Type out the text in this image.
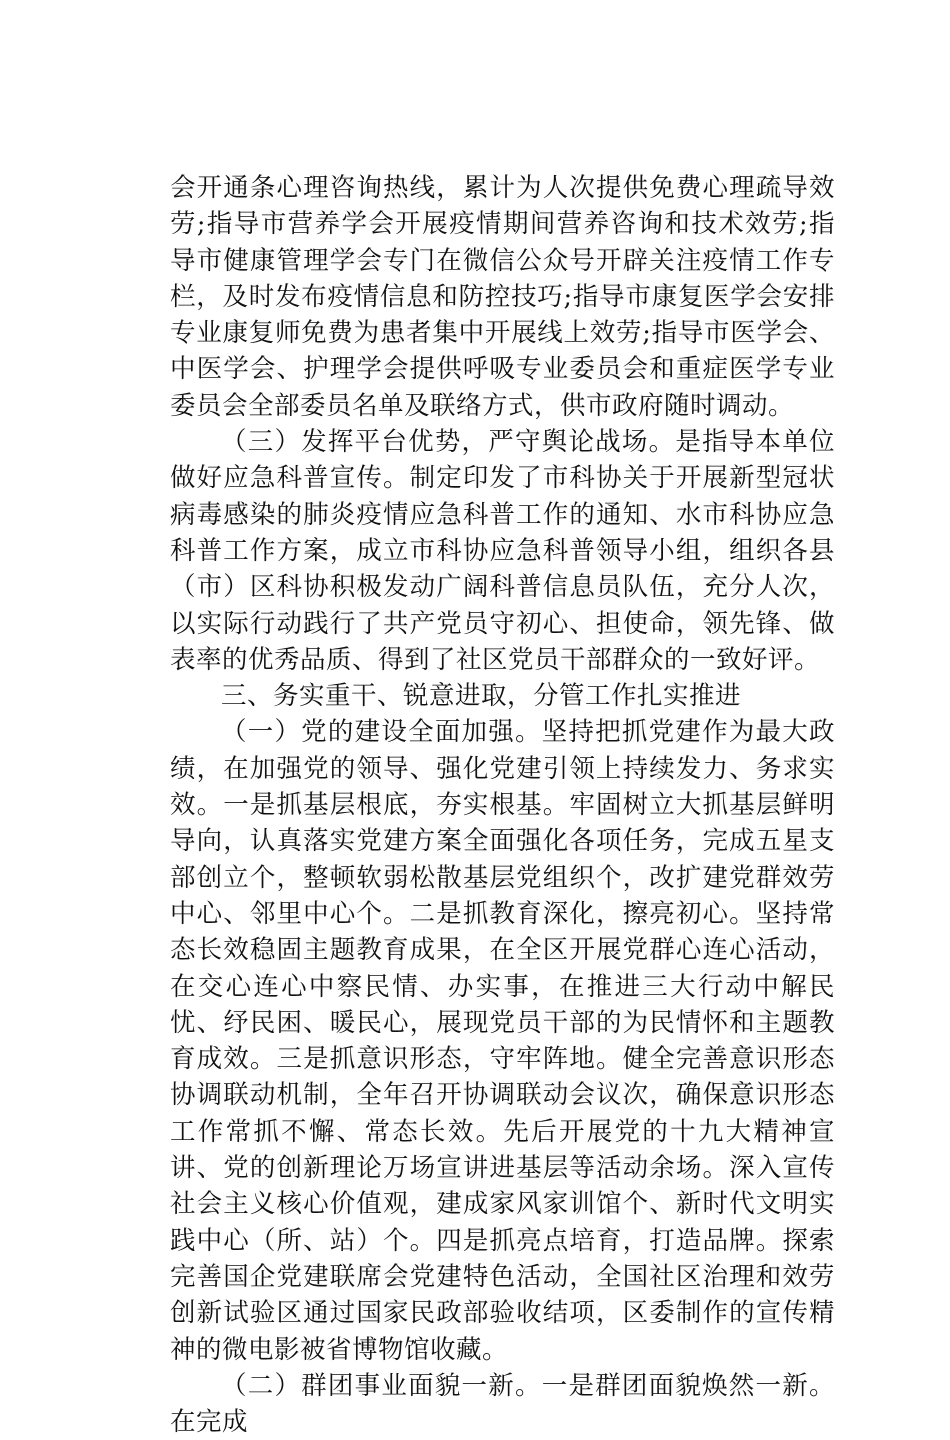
会开通条心理咨询热线，累计为人次提供免费心理疏导效劳;指导市营养学会开展疫情期间营养咨询和技术效劳;指导市健康管理学会专门在微信公众号开辟关注疫情工作专栏，及时发布疫情信息和防控技巧;指导市康复医学会安排专业康复师免费为患者集中开展线上效劳;指导市医学会、中医学会、护理学会提供呼吸专业委员会和重症医学专业委员会全部委员名单及联络方式，供市政府随时调动。

（三）发挥平台优势，严守舆论战场。是指导本单位做好应急科普宣传。制定印发了市科协关于开展新型冠状病毒感染的肺炎疫情应急科普工作的通知、水市科协应急科普工作方案，成立市科协应急科普领导小组，组织各县（市）区科协积极发动广阔科普信息员队伍，充分人次，以实际行动践行了共产党员守初心、担使命，领先锋、做表率的优秀品质、得到了社区党员干部群众的一致好评。

三、务实重干、锐意进取，分管工作扎实推进

（一）党的建设全面加强。坚持把抓党建作为最大政绩，在加强党的领导、强化党建引领上持续发力、务求实效。一是抓基层根底，夯实根基。牢固树立大抓基层鲜明导向，认真落实党建方案全面强化各项任务，完成五星支部创立个，整顿软弱松散基层党组织个，改扩建党群效劳中心、邻里中心个。二是抓教育深化，擦亮初心。坚持常态长效稳固主题教育成果，在全区开展党群心连心活动，在交心连心中察民情、办实事，在推进三大行动中解民忧、纾民困、暖民心，展现党员干部的为民情怀和主题教育成效。三是抓意识形态，守牢阵地。健全完善意识形态协调联动机制，全年召开协调联动会议次，确保意识形态工作常抓不懈、常态长效。先后开展党的十九大精神宣讲、党的创新理论万场宣讲进基层等活动余场。深入宣传社会主义核心价值观，建成家风家训馆个、新时代文明实践中心（所、站）个。四是抓亮点培育，打造品牌。探索完善国企党建联席会党建特色活动，全国社区治理和效劳创新试验区通过国家民政部验收结项，区委制作的宣传精神的微电影被省博物馆收藏。

（二）群团事业面貌一新。一是群团面貌焕然一新。在完成
